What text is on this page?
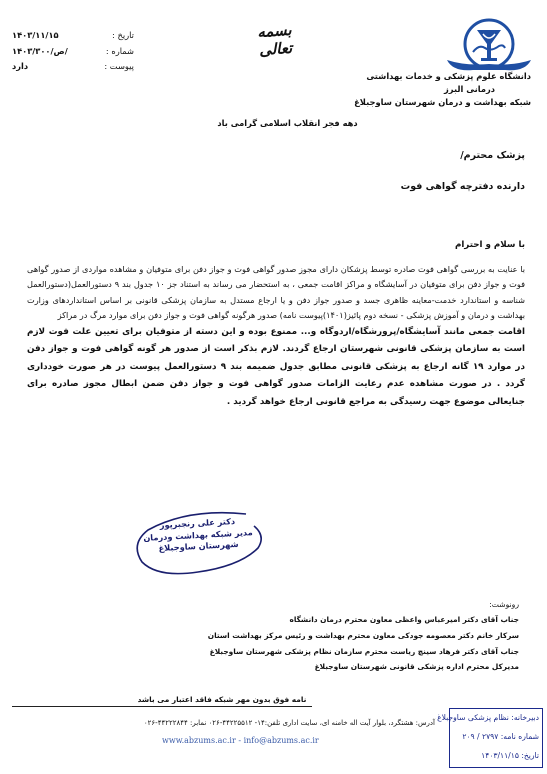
دانشگاه علوم پزشکی و خدمات بهداشتی
درمانی البرز
شبکه بهداشت و درمان شهرستان ساوجبلاغ
بسمه تعالی
تاریخ :
۱۴۰۳/۱۱/۱۵
شماره :
۱۴۰۳/ص/۳۰۰/
پیوست :
دارد
دهه فجر انقلاب اسلامی گرامی باد
پزشک محترم/
دارنده دفترچه گواهی فوت
با سلام و احترام

با عنایت به بررسی گواهی فوت صادره توسط پزشکان دارای مجوز صدور گواهی فوت و جواز دفن برای متوفیان و مشاهده مواردی از صدور گواهی فوت و جواز دفن برای متوفیان در آسایشگاه و مراکز اقامت جمعی ، به استحضار می رساند به استناد جز ۱۰ جدول بند ۹ دستورالعمل(دستورالعمل شناسه و استاندارد خدمت-معاینه ظاهری جسد و صدور جواز دفن و یا ارجاع مستدل به سازمان پزشکی قانونی بر اساس استانداردهای وزارت بهداشت و درمان و آموزش پزشکی - نسخه دوم پائیز(۱۴۰۱)پیوست نامه) صدور هرگونه گواهی فوت و جواز دفن برای موارد مرگ در مراکز

اقامت جمعی مانند آسایشگاه/پرورشگاه/اردوگاه و... ممنوع بوده و این دسته از متوفیان برای تعیین علت فوت لازم است به سازمان پزشکی قانونی شهرستان ارجاع گردند. لازم بذکر است از صدور هر گونه گواهی فوت و جواز دفن در موارد ۱۹ گانه ارجاع به پزشکی قانونی مطابق جدول ضمیمه بند ۹ دستورالعمل پیوست در هر صورت خودداری گردد . در صورت مشاهده عدم رعایت الزامات صدور گواهی فوت و جواز دفن ضمن ابطال مجوز صادره برای جنایعالی موضوع جهت رسیدگی به مراجع قانونی ارجاع خواهد گردید .

دکتر علی رنجبرپور
مدیر شبکه بهداشت ودرمان
شهرستان ساوجبلاغ
رونوشت:
جناب آقای دکتر امیرعباس واعظی معاون محترم درمان دانشگاه
سرکار خانم دکتر معصومه جودکی معاون محترم بهداشت و رئیس مرکز بهداشت استان
جناب آقای دکتر فرهاد سینچ ریاست محترم سازمان نظام پزشکی شهرستان ساوجبلاغ
مدیرکل محترم اداره پزشکی قانونی شهرستان ساوجبلاغ
نامه فوق بدون مهر شبکه فاقد اعتبار می باشد
آدرس: هشتگرد، بلوار آیت اله خامنه ای، سایت اداری تلفن:۱۴- ۴۴۲۲۵۵۱۲-۰۲۶ نمابر: ۴۴۲۲۲۸۴۴-۰۲۶
www.abzums.ac.ir - info@abzums.ac.ir
دبیرخانه: نظام پزشکی ساوجبلاغ
شماره نامه: ۲۷۹۷ / ۲۰۹
تاریخ: ۱۴۰۳/۱۱/۱۵
